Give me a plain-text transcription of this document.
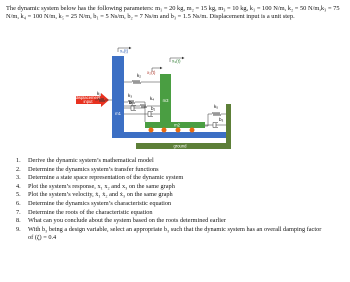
The dynamic system below has the following parameters: m₁ = 20 kg, m₂ = 15 kg, m₃ = 10 kg, k₁ = 100 N/m, k₂ = 50 N/m,k₃ = 75 N/m, k₄ = 100 N/m, k₅ = 25 N/m, b₁ = 5 Ns/m, b₂ = 7 Ns/m and b₃ = 1.5 Ns/m. Displacement input is a unit step.

ground
m1
displacement
input	m3
m2
x₁(t)
x₂(t)
x₃(t)
k₁
k₂
k₃
b₁
k₄
b₂	k₅
b₃
1. Derive the dynamic system’s mathematical model
2. Determine the dynamics system’s transfer functions
3. Determine a state space representation of the dynamic system
4. Plot the system’s response, x₁ x₂ and x₃ on the same graph
5. Plot the system’s velocity, ẋ₁ ẋ₂ and ẋ₃ on the same graph
6. Determine the dynamics system’s characteristic equation
7. Determine the roots of the characteristic equation
8. What can you conclude about the system based on the roots determined earlier
9. With b₃ being a design variable, select an appropriate b₃ such that the dynamic system has an overall damping factor
of (ζ) = 0.4
